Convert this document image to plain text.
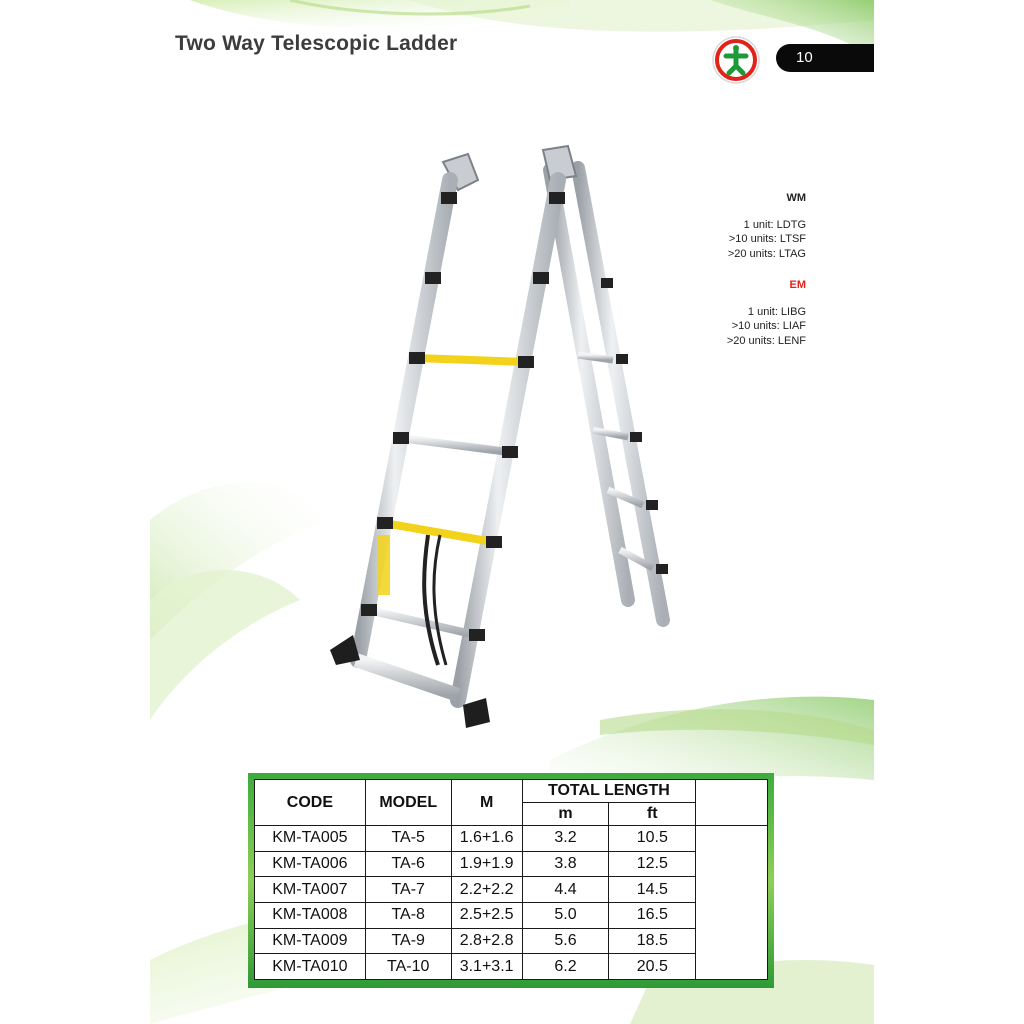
Two Way Telescopic Ladder
10
WM
1 unit: LDTG
>10 units: LTSF
>20 units: LTAG
EM
1 unit: LIBG
>10 units: LIAF
>20 units: LENF
CODE	MODEL	M	TOTAL LENGTH		
			m	ft	
KM-TA005	TA-5	1.6+1.6	3.2	10.5	
KM-TA006	TA-6	1.9+1.9	3.8	12.5	
KM-TA007	TA-7	2.2+2.2	4.4	14.5	
KM-TA008	TA-8	2.5+2.5	5.0	16.5	
KM-TA009	TA-9	2.8+2.8	5.6	18.5	
KM-TA010	TA-10	3.1+3.1	6.2	20.5	
